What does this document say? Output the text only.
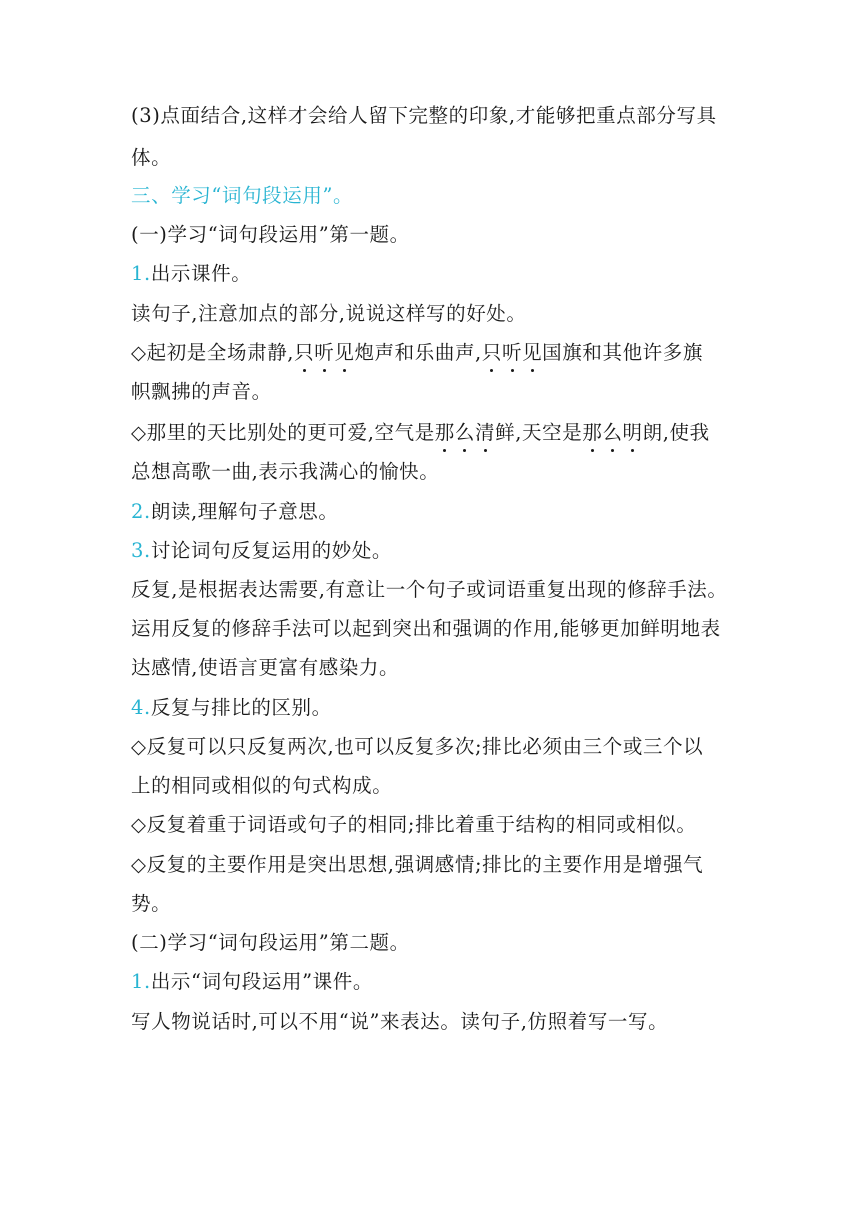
(3)点面结合,这样才会给人留下完整的印象,才能够把重点部分写具
体。
三、学习“词句段运用”。
(一)学习“词句段运用”第一题。
1.出示课件。
读句子,注意加点的部分,说说这样写的好处。
◇起初是全场肃静,只听见炮声和乐曲声,只听见国旗和其他许多旗
帜飘拂的声音。
◇那里的天比别处的更可爱,空气是那么清鲜,天空是那么明朗,使我
总想高歌一曲,表示我满心的愉快。
2.朗读,理解句子意思。
3.讨论词句反复运用的妙处。
反复,是根据表达需要,有意让一个句子或词语重复出现的修辞手法。
运用反复的修辞手法可以起到突出和强调的作用,能够更加鲜明地表
达感情,使语言更富有感染力。
4.反复与排比的区别。
◇反复可以只反复两次,也可以反复多次;排比必须由三个或三个以
上的相同或相似的句式构成。
◇反复着重于词语或句子的相同;排比着重于结构的相同或相似。
◇反复的主要作用是突出思想,强调感情;排比的主要作用是增强气
势。
(二)学习“词句段运用”第二题。
1.出示“词句段运用”课件。
写人物说话时,可以不用“说”来表达。读句子,仿照着写一写。
